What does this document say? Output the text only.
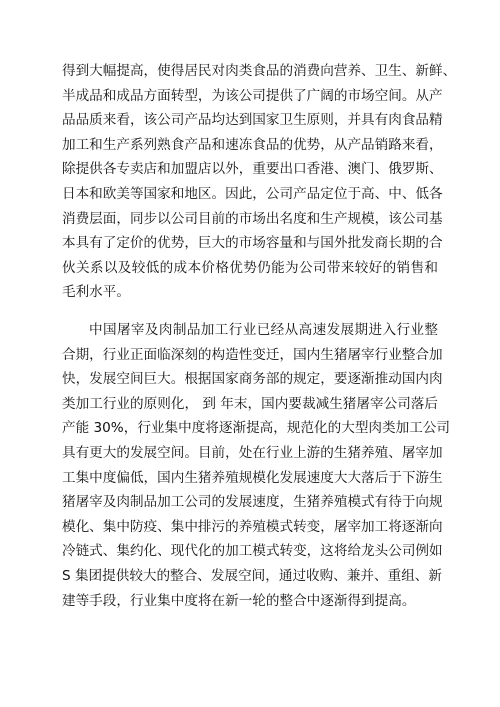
得到大幅提高，使得居民对肉类食品的消费向营养、卫生、新鲜、
半成品和成品方面转型，为该公司提供了广阔的市场空间。从产
品品质来看，该公司产品均达到国家卫生原则，并具有肉食品精
加工和生产系列熟食产品和速冻食品的优势，从产品销路来看，
除提供各专卖店和加盟店以外，重要出口香港、澳门、俄罗斯、
日本和欧美等国家和地区。因此，公司产品定位于高、中、低各
消费层面，同步以公司目前的市场出名度和生产规模，该公司基
本具有了定价的优势，巨大的市场容量和与国外批发商长期的合
伙关系以及较低的成本价格优势仍能为公司带来较好的销售和
毛利水平。
中国屠宰及肉制品加工行业已经从高速发展期进入行业整
合期，行业正面临深刻的构造性变迁，国内生猪屠宰行业整合加
快，发展空间巨大。根据国家商务部的规定，要逐渐推动国内肉
类加工行业的原则化， 到 年末，国内要裁减生猪屠宰公司落后
产能 30%，行业集中度将逐渐提高，规范化的大型肉类加工公司
具有更大的发展空间。目前，处在行业上游的生猪养殖、屠宰加
工集中度偏低，国内生猪养殖规模化发展速度大大落后于下游生
猪屠宰及肉制品加工公司的发展速度，生猪养殖模式有待于向规
模化、集中防疫、集中排污的养殖模式转变，屠宰加工将逐渐向
冷链式、集约化、现代化的加工模式转变，这将给龙头公司例如
S 集团提供较大的整合、发展空间，通过收购、兼并、重组、新
建等手段，行业集中度将在新一轮的整合中逐渐得到提高。
